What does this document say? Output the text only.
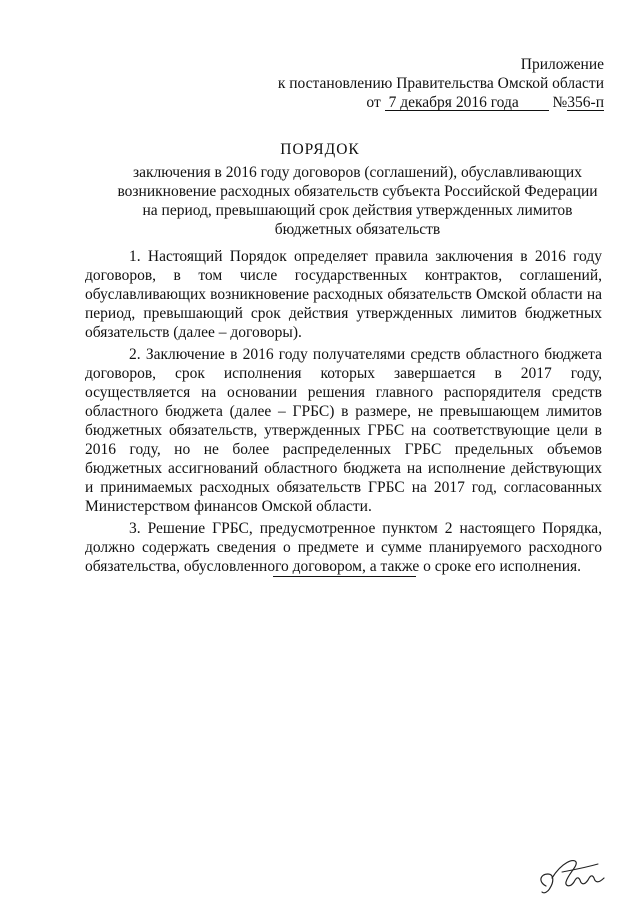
Приложение
к постановлению Правительства Омской области
от 7 декабря 2016 года №356-п
ПОРЯДОК
заключения в 2016 году договоров (соглашений), обуславливающих возникновение расходных обязательств субъекта Российской Федерации на период, превышающий срок действия утвержденных лимитов бюджетных обязательств

1. Настоящий Порядок определяет правила заключения в 2016 году договоров, в том числе государственных контрактов, соглашений, обуславливающих возникновение расходных обязательств Омской области на период, превышающий срок действия утвержденных лимитов бюджетных обязательств (далее – договоры).

2. Заключение в 2016 году получателями средств областного бюджета договоров, срок исполнения которых завершается в 2017 году, осуществляется на основании решения главного распорядителя средств областного бюджета (далее – ГРБС) в размере, не превышающем лимитов бюджетных обязательств, утвержденных ГРБС на соответствующие цели в 2016 году, но не более распределенных ГРБС предельных объемов бюджетных ассигнований областного бюджета на исполнение действующих и принимаемых расходных обязательств ГРБС на 2017 год, согласованных Министерством финансов Омской области.

3. Решение ГРБС, предусмотренное пунктом 2 настоящего Порядка, должно содержать сведения о предмете и сумме планируемого расходного обязательства, обусловленного договором, а также о сроке его исполнения.
